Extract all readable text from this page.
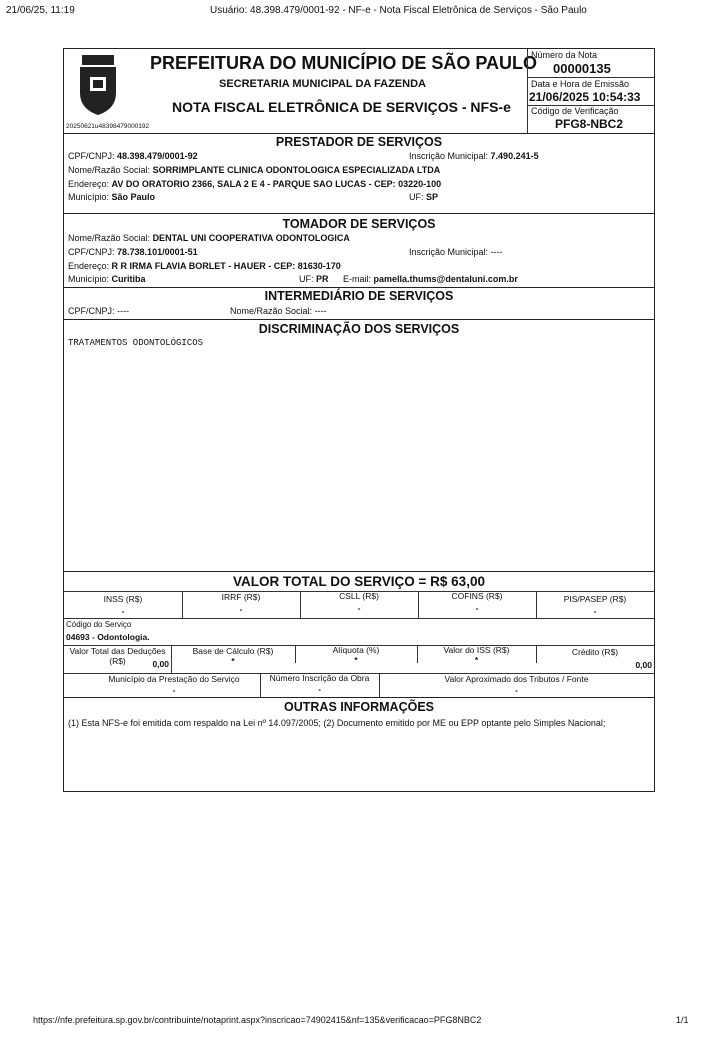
21/06/25, 11:19	Usuário: 48.398.479/0001-92 - NF-e - Nota Fiscal Eletrônica de Serviços - São Paulo
20250621u48398479000192
PREFEITURA DO MUNICÍPIO DE SÃO PAULO
SECRETARIA MUNICIPAL DA FAZENDA
NOTA FISCAL ELETRÔNICA DE SERVIÇOS - NFS-e
Número da Nota
00000135
Data e Hora de Emissão
21/06/2025 10:54:33
Código de Verificação
PFG8-NBC2
PRESTADOR DE SERVIÇOS
CPF/CNPJ: 48.398.479/0001-92	Inscrição Municipal: 7.490.241-5
Nome/Razão Social: SORRIMPLANTE CLINICA ODONTOLOGICA ESPECIALIZADA LTDA
Endereço: AV DO ORATORIO 2366, SALA 2 E 4 - PARQUE SAO LUCAS - CEP: 03220-100
Município: São Paulo	UF: SP
TOMADOR DE SERVIÇOS
Nome/Razão Social: DENTAL UNI COOPERATIVA ODONTOLOGICA
CPF/CNPJ: 78.738.101/0001-51	Inscrição Municipal: ----
Endereço: R R IRMA FLAVIA BORLET - HAUER - CEP: 81630-170
Município: Curitiba	UF: PR E-mail: pamella.thums@dentaluni.com.br
INTERMEDIÁRIO DE SERVIÇOS
CPF/CNPJ: ----	Nome/Razão Social: ----
DISCRIMINAÇÃO DOS SERVIÇOS
TRATAMENTOS ODONTOLÓGICOS
VALOR TOTAL DO SERVIÇO = R$ 63,00
INSS (R$)
-
IRRF (R$)
-
CSLL (R$)
-
COFINS (R$)
-
PIS/PASEP (R$)
-
Código do Serviço
04693 - Odontologia.
Valor Total das Deduções (R$)	0,00
Base de Cálculo (R$)
*
Alíquota (%)
*
Valor do ISS (R$)
*
Crédito (R$)
0,00
Município da Prestação do Serviço
-
Número Inscrição da Obra
-
Valor Aproximado dos Tributos / Fonte
-
OUTRAS INFORMAÇÕES
(1) Esta NFS-e foi emitida com respaldo na Lei nº 14.097/2005; (2) Documento emitido por ME ou EPP optante pelo Simples Nacional;
https://nfe.prefeitura.sp.gov.br/contribuinte/notaprint.aspx?inscricao=74902415&nf=135&verificacao=PFG8NBC2	1/1
